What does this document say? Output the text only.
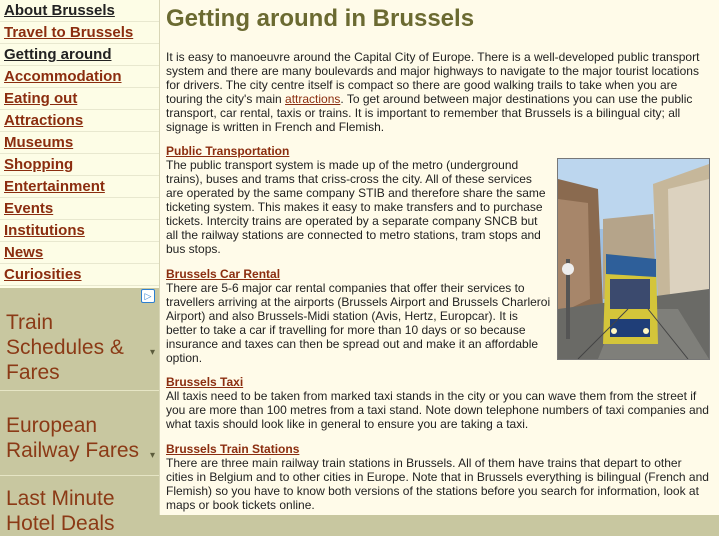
About Brussels
Travel to Brussels
Getting around
Accommodation
Eating out
Attractions
Museums
Shopping
Entertainment
Events
Institutions
News
Curiosities
▷
Train Schedules & Fares
▾
European Railway Fares ▾
Last Minute Hotel Deals
Getting around in Brussels

It is easy to manoeuvre around the Capital City of Europe. There is a well-developed public transport system and there are many boulevards and major highways to navigate to the major tourist locations for drivers. The city centre itself is compact so there are good walking trails to take when you are touring the city's main attractions. To get around between major destinations you can use the public transport, car rental, taxis or trains. It is important to remember that Brussels is a bilingual city; all signage is written in French and Flemish.

Public Transportation
The public transport system is made up of the metro (underground trains), buses and trams that criss-cross the city. All of these services are operated by the same company STIB and therefore share the same ticketing system. This makes it easy to make transfers and to purchase tickets. Intercity trains are operated by a separate company SNCB but all the railway stations are connected to metro stations, tram stops and bus stops.

Brussels Car Rental
There are 5-6 major car rental companies that offer their services to travellers arriving at the airports (Brussels Airport and Brussels Charleroi Airport) and also Brussels-Midi station (Avis, Hertz, Europcar). It is better to take a car if travelling for more than 10 days or so because insurance and taxes can then be spread out and make it an affordable option.

Brussels Taxi
All taxis need to be taken from marked taxi stands in the city or you can wave them from the street if you are more than 100 metres from a taxi stand. Note down telephone numbers of taxi companies and what taxis should look like in general to ensure you are taking a taxi.

Brussels Train Stations
There are three main railway train stations in Brussels. All of them have trains that depart to other cities in Belgium and to other cities in Europe. Note that in Brussels everything is bilingual (French and Flemish) so you have to know both versions of the stations before you search for information, look at maps or book tickets online.
